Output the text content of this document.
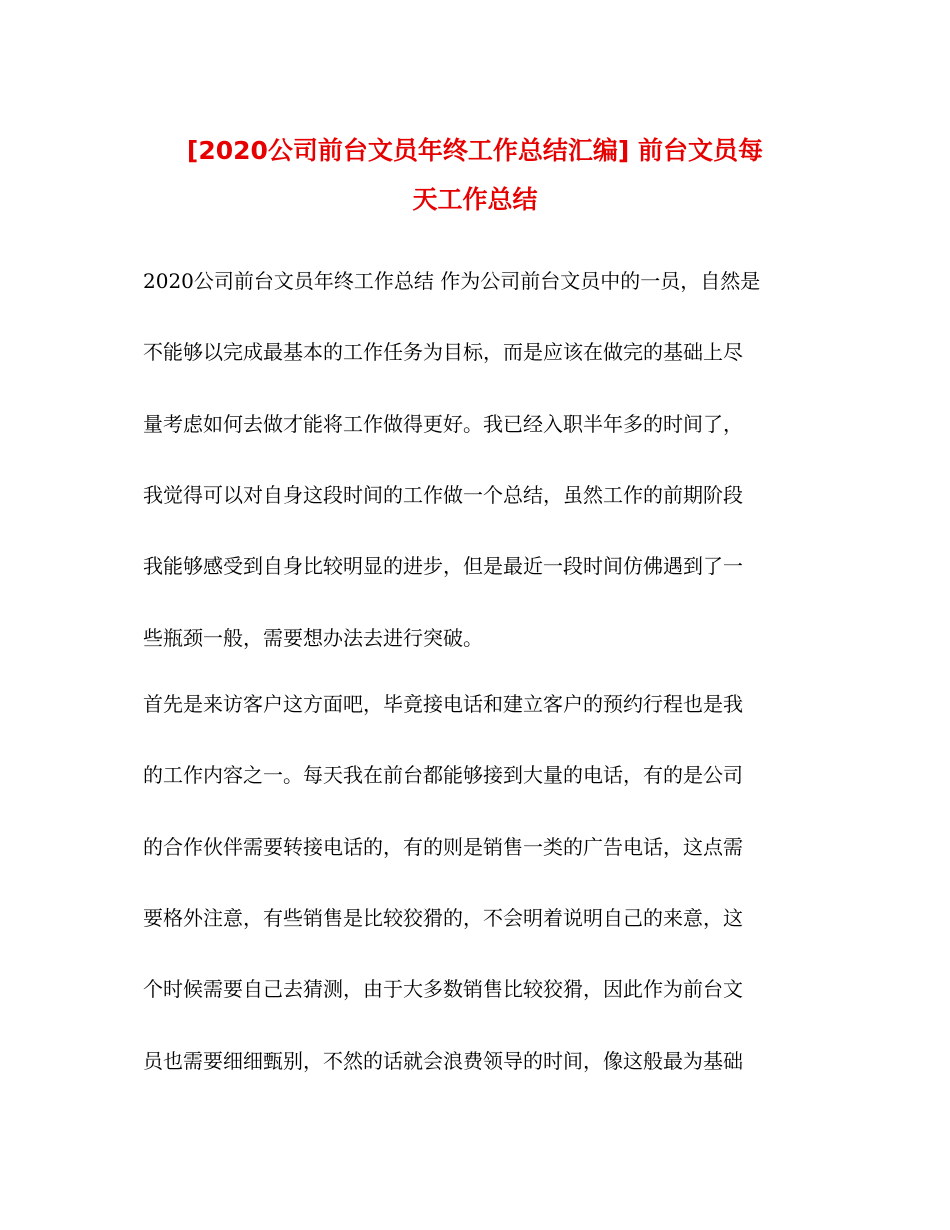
[2020公司前台文员年终工作总结汇编] 前台文员每
天工作总结
2020公司前台文员年终工作总结 作为公司前台文员中的一员，自然是
不能够以完成最基本的工作任务为目标，而是应该在做完的基础上尽
量考虑如何去做才能将工作做得更好。我已经入职半年多的时间了，
我觉得可以对自身这段时间的工作做一个总结，虽然工作的前期阶段
我能够感受到自身比较明显的进步，但是最近一段时间仿佛遇到了一
些瓶颈一般，需要想办法去进行突破。
首先是来访客户这方面吧，毕竟接电话和建立客户的预约行程也是我
的工作内容之一。每天我在前台都能够接到大量的电话，有的是公司
的合作伙伴需要转接电话的，有的则是销售一类的广告电话，这点需
要格外注意，有些销售是比较狡猾的，不会明着说明自己的来意，这
个时候需要自己去猜测，由于大多数销售比较狡猾，因此作为前台文
员也需要细细甄别，不然的话就会浪费领导的时间，像这般最为基础
